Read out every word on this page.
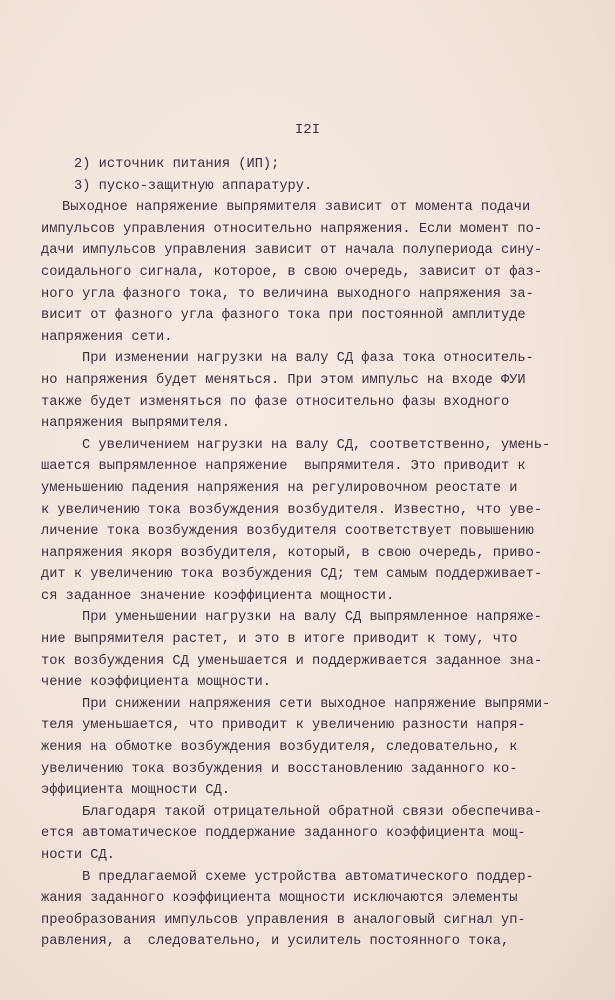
I2I
2) источник питания (ИП);
3) пуско-защитную аппаратуру.
Выходное напряжение выпрямителя зависит от момента подачи
импульсов управления относительно напряжения. Если момент по-
дачи импульсов управления зависит от начала полупериода сину-
соидального сигнала, которое, в свою очередь, зависит от фаз-
ного угла фазного тока, то величина выходного напряжения за-
висит от фазного угла фазного тока при постоянной амплитуде
напряжения сети.
При изменении нагрузки на валу СД фаза тока относитель-
но напряжения будет меняться. При этом импульс на входе ФУИ
также будет изменяться по фазе относительно фазы входного
напряжения выпрямителя.
С увеличением нагрузки на валу СД, соответственно, умень-
шается выпрямленное напряжение  выпрямителя. Это приводит к
уменьшению падения напряжения на регулировочном реостате и
к увеличению тока возбуждения возбудителя. Известно, что уве-
личение тока возбуждения возбудителя соответствует повышению
напряжения якоря возбудителя, который, в свою очередь, приво-
дит к увеличению тока возбуждения СД; тем самым поддерживает-
ся заданное значение коэффициента мощности.
При уменьшении нагрузки на валу СД выпрямленное напряже-
ние выпрямителя растет, и это в итоге приводит к тому, что
ток возбуждения СД уменьшается и поддерживается заданное зна-
чение коэффициента мощности.
При снижении напряжения сети выходное напряжение выпрями-
теля уменьшается, что приводит к увеличению разности напря-
жения на обмотке возбуждения возбудителя, следовательно, к
увеличению тока возбуждения и восстановлению заданного ко-
эффициента мощности СД.
Благодаря такой отрицательной обратной связи обеспечива-
ется автоматическое поддержание заданного коэффициента мощ-
ности СД.
В предлагаемой схеме устройства автоматического поддер-
жания заданного коэффициента мощности исключаются элементы
преобразования импульсов управления в аналоговый сигнал уп-
равления, а  следовательно, и усилитель постоянного тока,
